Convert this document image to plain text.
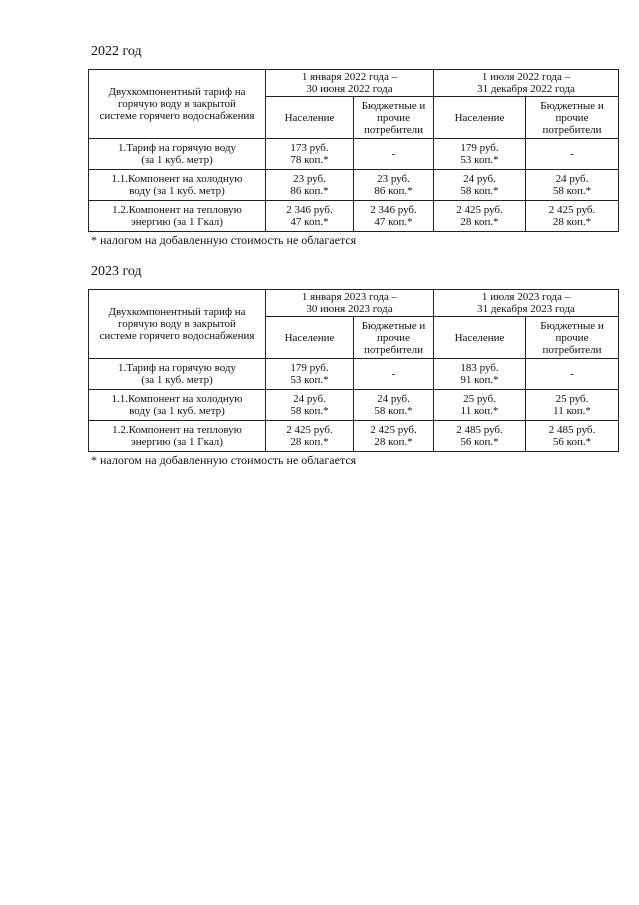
2022 год
Двухкомпонентный тариф на
горячую воду в закрытой
системе горячего водоснабжения	1 января 2022 года –
30 июня 2022 года		1 июля 2022 года –
31 декабря 2022 года	

	Население	Бюджетные и
прочие
потребители	Население	Бюджетные и
прочие
потребители

1.Тариф на горячую воду
(за 1 куб. метр)	173 руб.
78 коп.*	-	179 руб.
53 коп.*	-

1.1.Компонент на холодную
воду (за 1 куб. метр)	23 руб.
86 коп.*	23 руб.
86 коп.*	24 руб.
58 коп.*	24 руб.
58 коп.*

1.2.Компонент на тепловую
энергию (за 1 Гкал)	2 346 руб.
47 коп.*	2 346 руб.
47 коп.*	2 425 руб.
28 коп.*	2 425 руб.
28 коп.*
* налогом на добавленную стоимость не облагается
2023 год
Двухкомпонентный тариф на
горячую воду в закрытой
системе горячего водоснабжения	1 января 2023 года –
30 июня 2023 года		1 июля 2023 года –
31 декабря 2023 года	

	Население	Бюджетные и
прочие
потребители	Население	Бюджетные и
прочие
потребители

1.Тариф на горячую воду
(за 1 куб. метр)	179 руб.
53 коп.*	-	183 руб.
91 коп.*	-

1.1.Компонент на холодную
воду (за 1 куб. метр)	24 руб.
58 коп.*	24 руб.
58 коп.*	25 руб.
11 коп.*	25 руб.
11 коп.*

1.2.Компонент на тепловую
энергию (за 1 Гкал)	2 425 руб.
28 коп.*	2 425 руб.
28 коп.*	2 485 руб.
56 коп.*	2 485 руб.
56 коп.*
* налогом на добавленную стоимость не облагается
